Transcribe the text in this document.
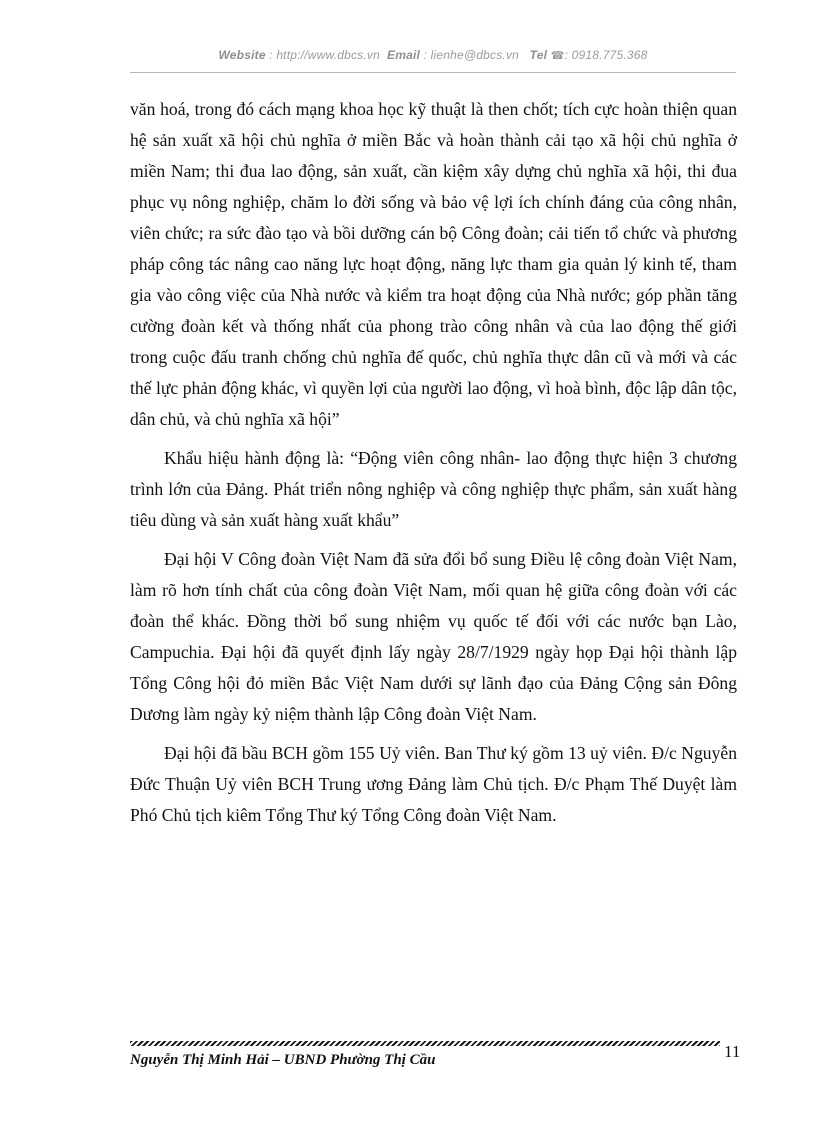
Website : http://www.dbcs.vn Email : lienhe@dbcs.vn Tel ☎: 0918.775.368

văn hoá, trong đó cách mạng khoa học kỹ thuật là then chốt; tích cực hoàn thiện quan hệ sản xuất xã hội chủ nghĩa ở miền Bắc và hoàn thành cải tạo xã hội chủ nghĩa ở miền Nam; thi đua lao động, sản xuất, cần kiệm xây dựng chủ nghĩa xã hội, thi đua phục vụ nông nghiệp, chăm lo đời sống và bảo vệ lợi ích chính đáng của công nhân, viên chức; ra sức đào tạo và bồi dưỡng cán bộ Công đoàn; cải tiến tổ chức và phương pháp công tác nâng cao năng lực hoạt động, năng lực tham gia quản lý kinh tế, tham gia vào công việc của Nhà nước và kiểm tra hoạt động của Nhà nước; góp phần tăng cường đoàn kết và thống nhất của phong trào công nhân và của lao động thế giới trong cuộc đấu tranh chống chủ nghĩa đế quốc, chủ nghĩa thực dân cũ và mới và các thế lực phản động khác, vì quyền lợi của người lao động, vì hoà bình, độc lập dân tộc, dân chủ, và chủ nghĩa xã hội”

Khẩu hiệu hành động là: “Động viên công nhân- lao động thực hiện 3 chương trình lớn của Đảng. Phát triển nông nghiệp và công nghiệp thực phẩm, sản xuất hàng tiêu dùng và sản xuất hàng xuất khẩu”

Đại hội V Công đoàn Việt Nam đã sửa đổi bổ sung Điều lệ công đoàn Việt Nam, làm rõ hơn tính chất của công đoàn Việt Nam, mối quan hệ giữa công đoàn với các đoàn thể khác. Đồng thời bổ sung nhiệm vụ quốc tế đối với các nước bạn Lào, Campuchia. Đại hội đã quyết định lấy ngày 28/7/1929 ngày họp Đại hội thành lập Tổng Công hội đỏ miền Bắc Việt Nam dưới sự lãnh đạo của Đảng Cộng sản Đông Dương làm ngày kỷ niệm thành lập Công đoàn Việt Nam.

Đại hội đã bầu BCH gồm 155 Uỷ viên. Ban Thư ký gồm 13 uỷ viên. Đ/c Nguyễn Đức Thuận Uỷ viên BCH Trung ương Đảng làm Chủ tịch. Đ/c Phạm Thế Duyệt làm Phó Chủ tịch kiêm Tổng Thư ký Tổng Công đoàn Việt Nam.

Nguyễn Thị Minh Hải – UBND Phường Thị Cầu	11
